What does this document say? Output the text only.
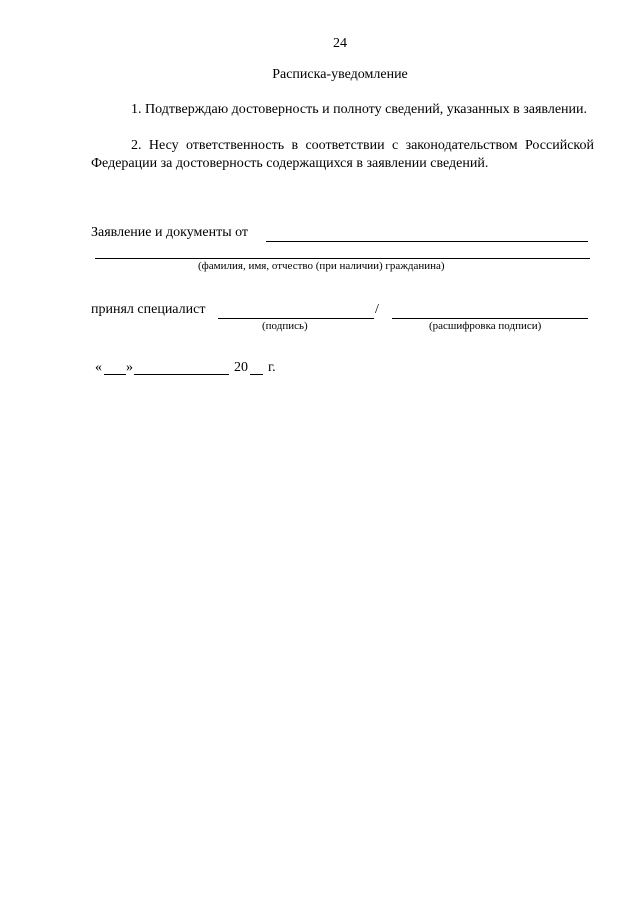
24
Расписка-уведомление
1. Подтверждаю достоверность и полноту сведений, указанных в заявлении.
2. Несу ответственность в соответствии с законодательством Российской Федерации за достоверность содержащихся в заявлении сведений.
Заявление и документы от
(фамилия, имя, отчество (при наличии) гражданина)
принял специалист	/
(подпись)	(расшифровка подписи)
« »	20 г.
